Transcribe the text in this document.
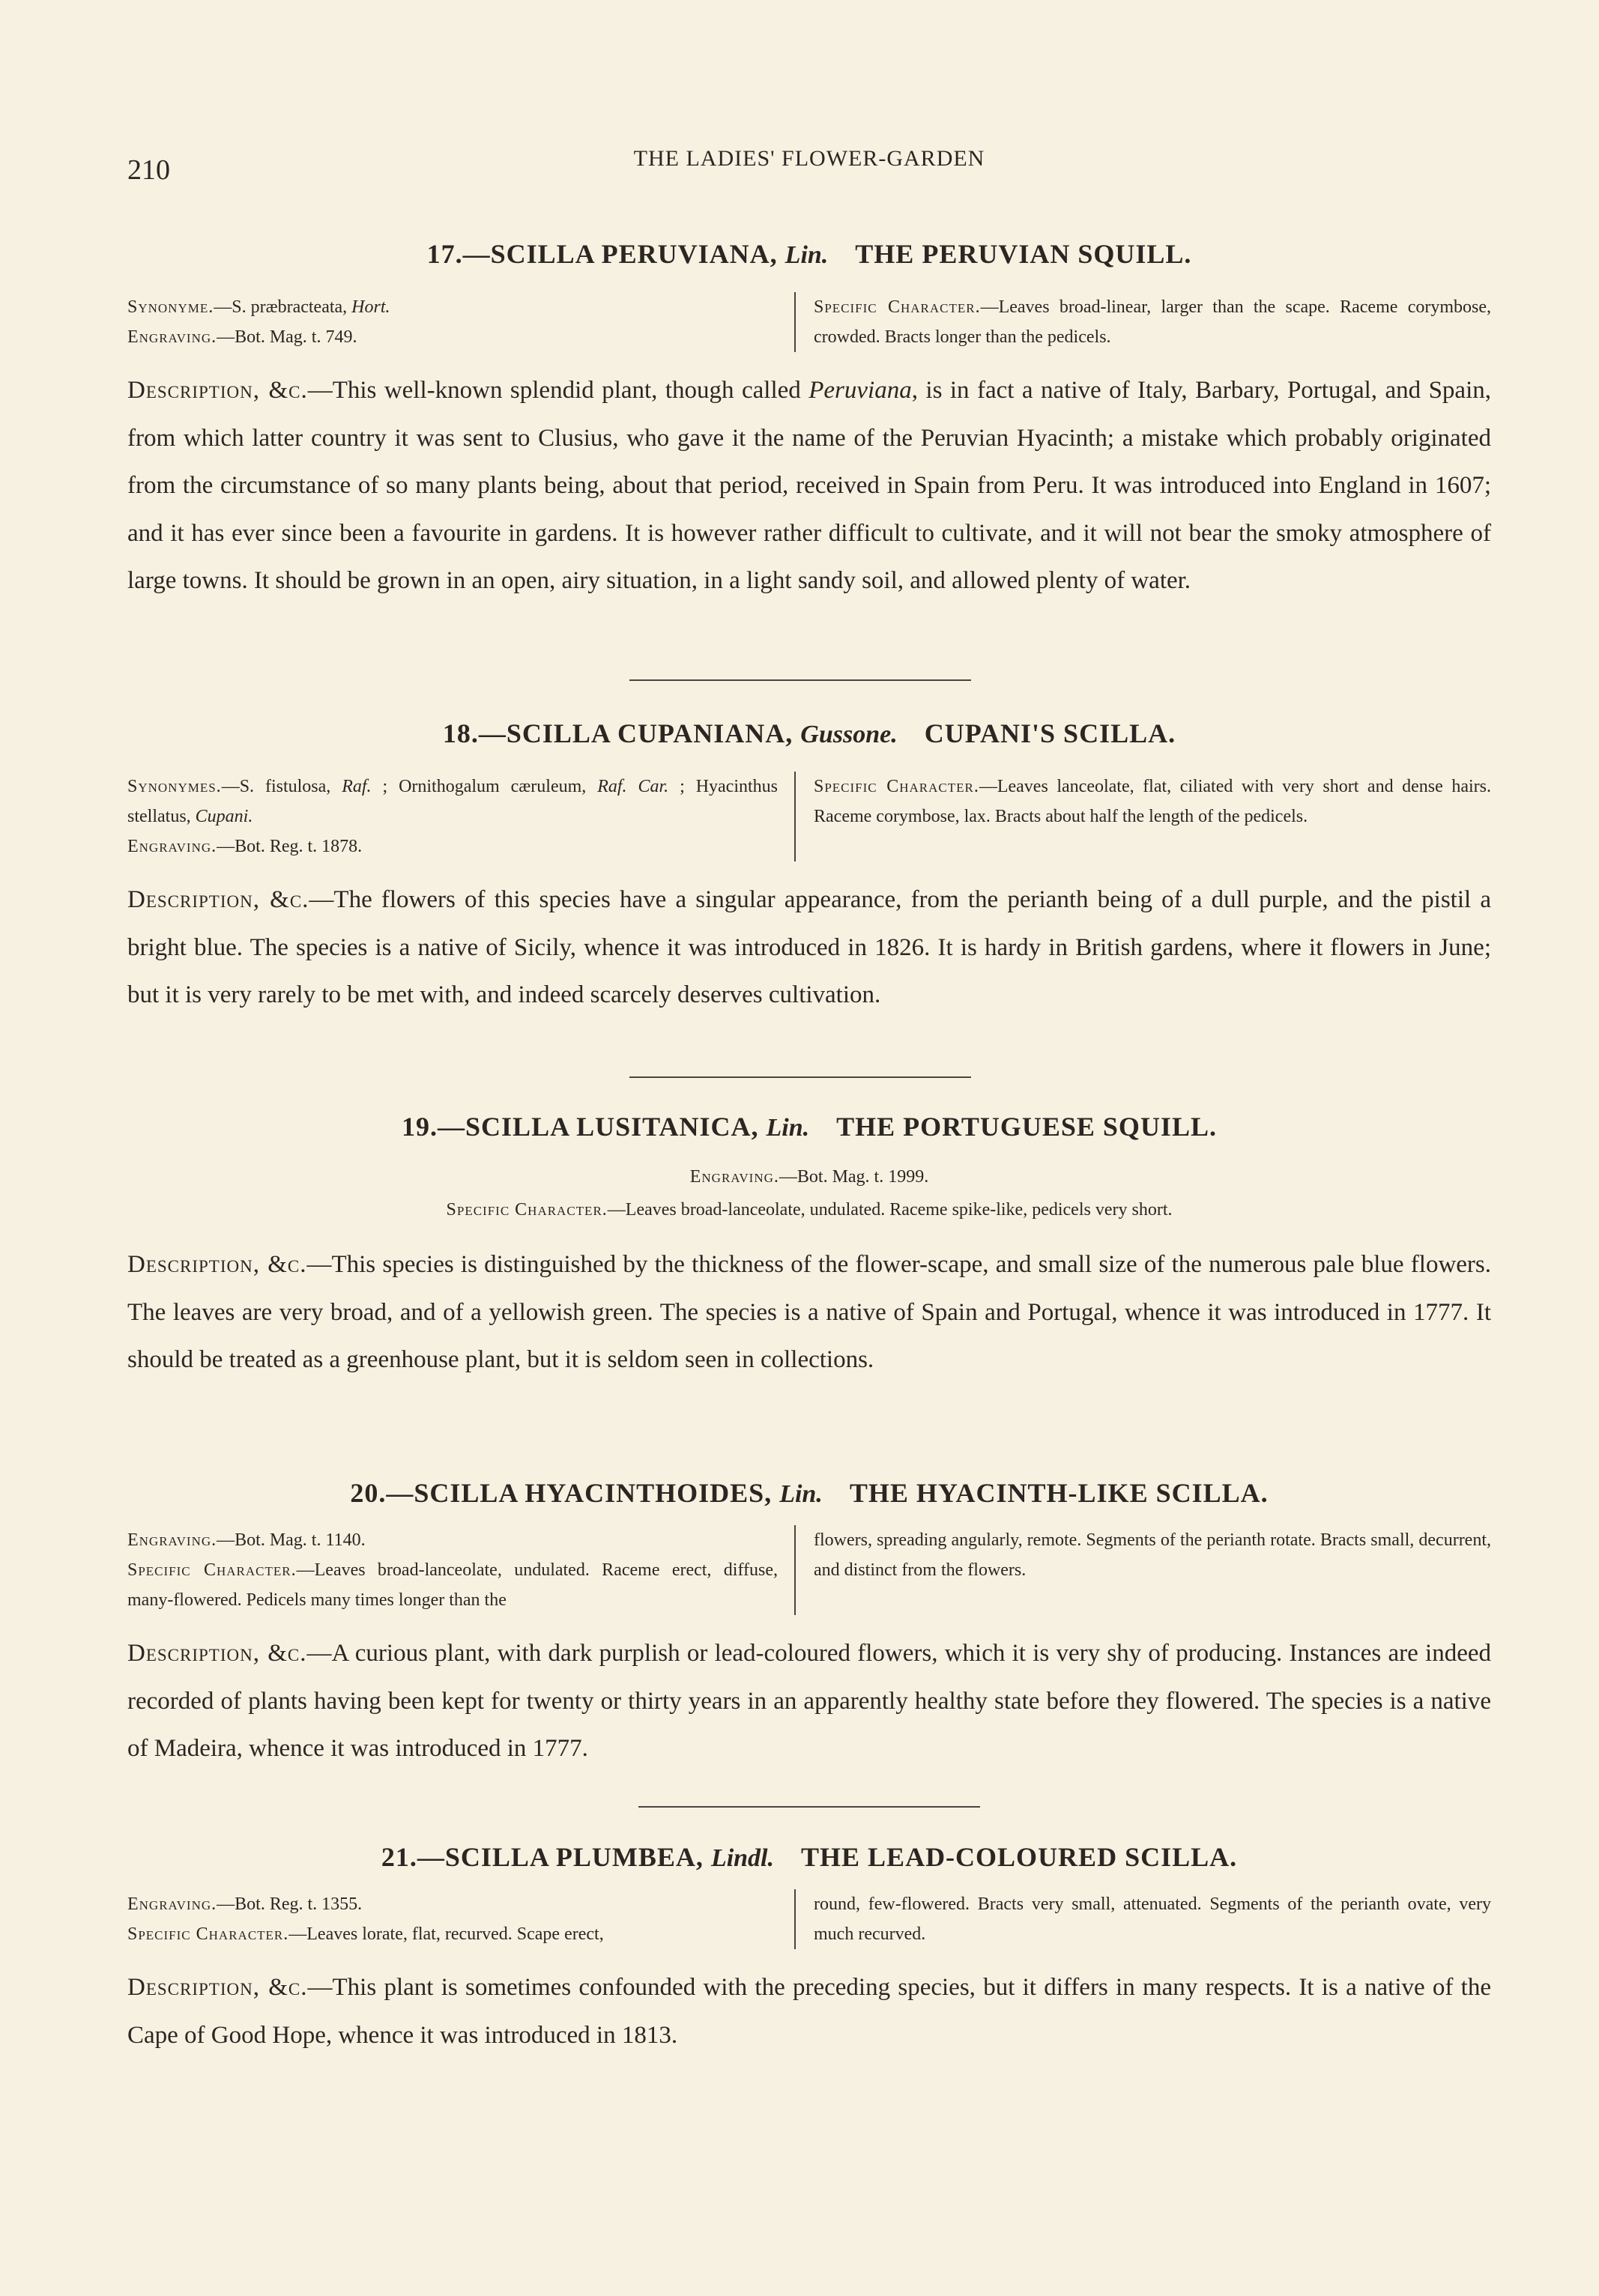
210	THE LADIES' FLOWER-GARDEN
17.—SCILLA PERUVIANA, Lin. THE PERUVIAN SQUILL.
Synonyme.—S. præbracteata, Hort.
Engraving.—Bot. Mag. t. 749.
Specific Character.—Leaves broad-linear, larger than the scape. Raceme corymbose, crowded. Bracts longer than the pedicels.

Description, &c.—This well-known splendid plant, though called Peruviana, is in fact a native of Italy, Barbary, Portugal, and Spain, from which latter country it was sent to Clusius, who gave it the name of the Peruvian Hyacinth; a mistake which probably originated from the circumstance of so many plants being, about that period, received in Spain from Peru. It was introduced into England in 1607; and it has ever since been a favourite in gardens. It is however rather difficult to cultivate, and it will not bear the smoky atmosphere of large towns. It should be grown in an open, airy situation, in a light sandy soil, and allowed plenty of water.

18.—SCILLA CUPANIANA, Gussone. CUPANI'S SCILLA.
Synonymes.—S. fistulosa, Raf. ; Ornithogalum cæruleum, Raf. Car. ; Hyacinthus stellatus, Cupani.
Engraving.—Bot. Reg. t. 1878.
Specific Character.—Leaves lanceolate, flat, ciliated with very short and dense hairs. Raceme corymbose, lax. Bracts about half the length of the pedicels.

Description, &c.—The flowers of this species have a singular appearance, from the perianth being of a dull purple, and the pistil a bright blue. The species is a native of Sicily, whence it was introduced in 1826. It is hardy in British gardens, where it flowers in June; but it is very rarely to be met with, and indeed scarcely deserves cultivation.

19.—SCILLA LUSITANICA, Lin. THE PORTUGUESE SQUILL.
Engraving.—Bot. Mag. t. 1999.
Specific Character.—Leaves broad-lanceolate, undulated. Raceme spike-like, pedicels very short.

Description, &c.—This species is distinguished by the thickness of the flower-scape, and small size of the numerous pale blue flowers. The leaves are very broad, and of a yellowish green. The species is a native of Spain and Portugal, whence it was introduced in 1777. It should be treated as a greenhouse plant, but it is seldom seen in collections.

20.—SCILLA HYACINTHOIDES, Lin. THE HYACINTH-LIKE SCILLA.
Engraving.—Bot. Mag. t. 1140.
Specific Character.—Leaves broad-lanceolate, undulated. Raceme erect, diffuse, many-flowered. Pedicels many times longer than the
flowers, spreading angularly, remote. Segments of the perianth rotate. Bracts small, decurrent, and distinct from the flowers.

Description, &c.—A curious plant, with dark purplish or lead-coloured flowers, which it is very shy of producing. Instances are indeed recorded of plants having been kept for twenty or thirty years in an apparently healthy state before they flowered. The species is a native of Madeira, whence it was introduced in 1777.

21.—SCILLA PLUMBEA, Lindl. THE LEAD-COLOURED SCILLA.
Engraving.—Bot. Reg. t. 1355.
Specific Character.—Leaves lorate, flat, recurved. Scape erect,
round, few-flowered. Bracts very small, attenuated. Segments of the perianth ovate, very much recurved.

Description, &c.—This plant is sometimes confounded with the preceding species, but it differs in many respects. It is a native of the Cape of Good Hope, whence it was introduced in 1813.
